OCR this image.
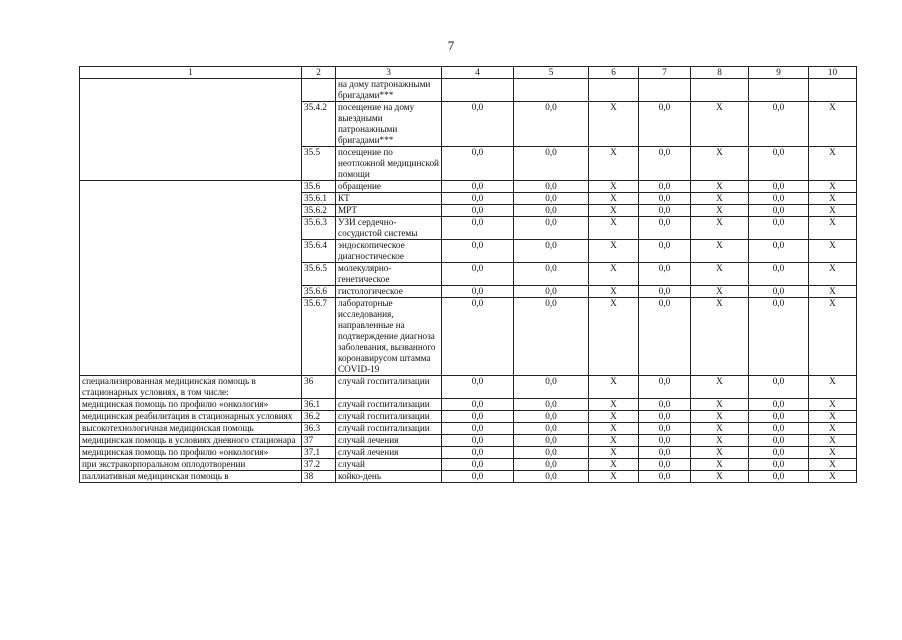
7
1	2	3	4	5	6	7	8	9	10
		на дому патронажными бригадами***							
	35.4.2	посещение на дому выездными патронажными бригадами***	0,0	0,0	X	0,0	X	0,0	X
	35.5	посещение по неотложной медицинской помощи	0,0	0,0	X	0,0	X	0,0	X
	35.6	обращение	0,0	0,0	X	0,0	X	0,0	X
	35.6.1	КТ	0,0	0,0	X	0,0	X	0,0	X
	35.6.2	МРТ	0,0	0,0	X	0,0	X	0,0	X
	35.6.3	УЗИ сердечно-сосудистой системы	0,0	0,0	X	0,0	X	0,0	X
	35.6.4	эндоскопическое диагностическое	0,0	0,0	X	0,0	X	0,0	X
	35.6.5	молекулярно-генетическое	0,0	0,0	X	0,0	X	0,0	X
	35.6.6	гистологическое	0,0	0,0	X	0,0	X	0,0	X
	35.6.7	лабораторные исследования, направленные на подтверждение диагноза заболевания, вызванного коронавирусом штамма COVID-19	0,0	0,0	X	0,0	X	0,0	X
специализированная медицинская помощь в стационарных условиях, в том числе:	36	случай госпитализации	0,0	0,0	X	0,0	X	0,0	X
медицинская помощь по профилю «онкология»	36.1	случай госпитализации	0,0	0,0	X	0,0	X	0,0	X
медицинская реабилитация в стационарных условиях	36.2	случай госпитализации	0,0	0,0	X	0,0	X	0,0	X
высокотехнологичная медицинская помощь	36.3	случай госпитализации	0,0	0,0	X	0,0	X	0,0	X
медицинская помощь в условиях дневного стационара	37	случай лечения	0,0	0,0	X	0,0	X	0,0	X
медицинская помощь по профилю «онкология»	37.1	случай лечения	0,0	0,0	X	0,0	X	0,0	X
при экстракорпоральном оплодотворении	37.2	случай	0,0	0,0	X	0,0	X	0,0	X
паллиативная медицинская помощь в	38	койко-день	0,0	0,0	X	0,0	X	0,0	X
